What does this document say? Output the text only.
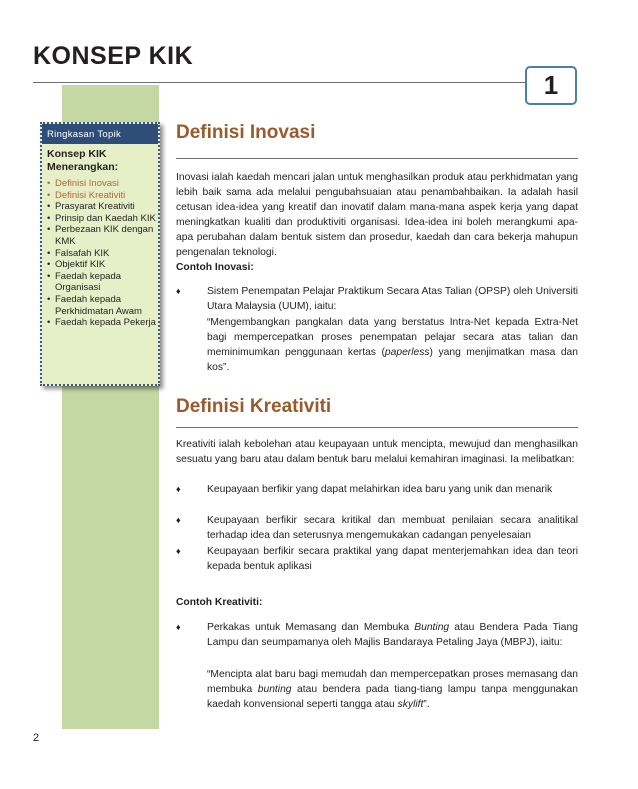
KONSEP KIK
1
Ringkasan Topik
Konsep KIK Menerangkan:
• Definisi Inovasi
• Definisi Kreativiti
• Prasyarat Kreativiti
• Prinsip dan Kaedah KIK
• Perbezaan KIK dengan KMK
• Falsafah KIK
• Objektif KIK
• Faedah kepada Organisasi
• Faedah kepada Perkhidmatan Awam
• Faedah kepada Pekerja
Definisi Inovasi
Inovasi ialah kaedah mencari jalan untuk menghasilkan produk atau perkhidmatan yang lebih baik sama ada melalui pengubahsuaian atau penambahbaikan. Ia adalah hasil cetusan idea-idea yang kreatif dan inovatif dalam mana-mana aspek kerja yang dapat meningkatkan kualiti dan produktiviti organisasi. Idea-idea ini boleh merangkumi apa-apa perubahan dalam bentuk sistem dan prosedur, kaedah dan cara bekerja mahupun pengenalan teknologi.
Contoh Inovasi:
♦	Sistem Penempatan Pelajar Praktikum Secara Atas Talian (OPSP) oleh Universiti Utara Malaysia (UUM), iaitu:
“Mengembangkan pangkalan data yang berstatus Intra-Net kepada Extra-Net bagi mempercepatkan proses penempatan pelajar secara atas talian dan meminimumkan penggunaan kertas (paperless) yang menjimatkan masa dan kos”.
Definisi Kreativiti
Kreativiti ialah kebolehan atau keupayaan untuk mencipta, mewujud dan menghasilkan sesuatu yang baru atau dalam bentuk baru melalui kemahiran imaginasi. Ia melibatkan:
♦	Keupayaan berfikir yang dapat melahirkan idea baru yang unik dan menarik
♦	Keupayaan berfikir secara kritikal dan membuat penilaian secara analitikal terhadap idea dan seterusnya mengemukakan cadangan penyelesaian
♦	Keupayaan berfikir secara praktikal yang dapat menterjemahkan idea dan teori kepada bentuk aplikasi
Contoh Kreativiti:
♦	Perkakas untuk Memasang dan Membuka Bunting atau Bendera Pada Tiang Lampu dan seumpamanya oleh Majlis Bandaraya Petaling Jaya (MBPJ), iaitu:
“Mencipta alat baru bagi memudah dan mempercepatkan proses memasang dan membuka bunting atau bendera pada tiang-tiang lampu tanpa menggunakan kaedah konvensional seperti tangga atau skylift”.
2
